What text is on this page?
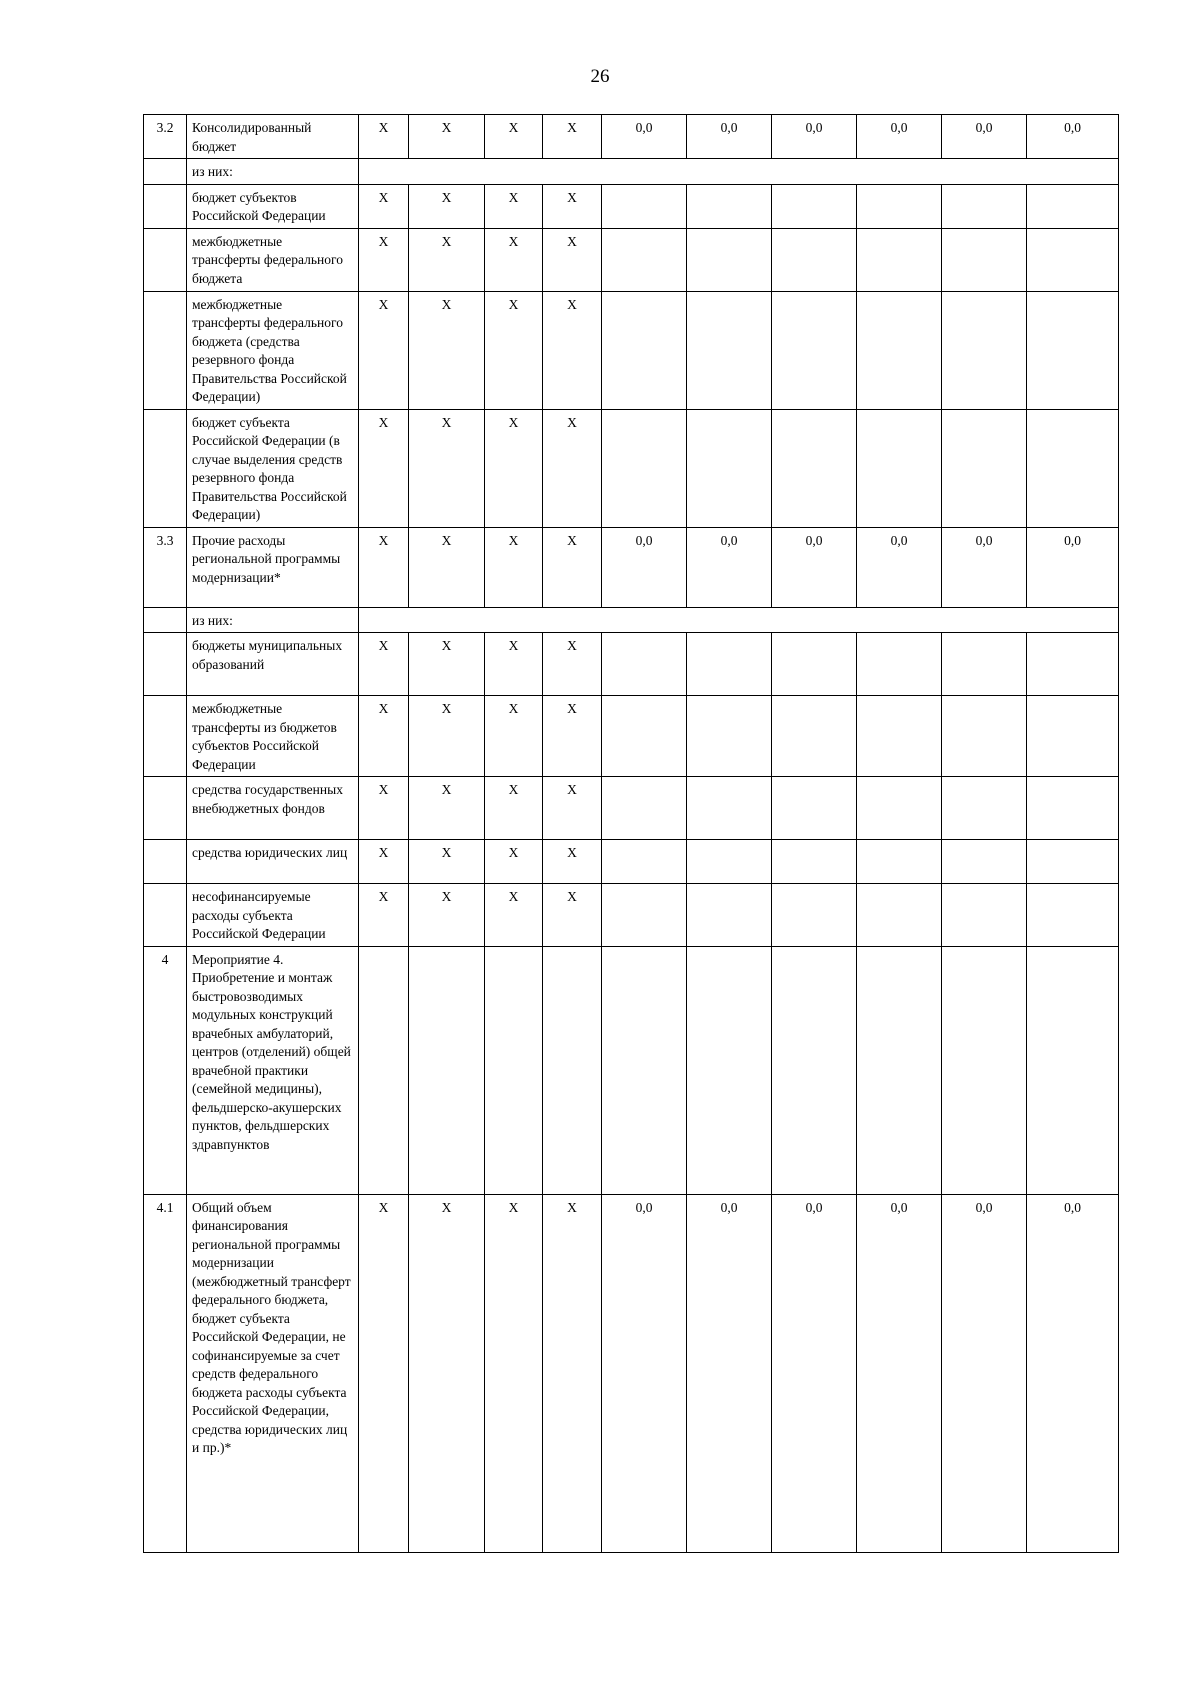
26
3.2	Консолидированный бюджет	Х	Х	Х	Х	0,0	0,0	0,0	0,0	0,0	0,0
	из них:										
	бюджет субъектов Российской Федерации	Х	Х	Х	Х						
	межбюджетные трансферты федерального бюджета	Х	Х	Х	Х						
	межбюджетные трансферты федерального бюджета (средства резервного фонда Правительства Российской Федерации)	Х	Х	Х	Х						
	бюджет субъекта Российской Федерации (в случае выделения средств резервного фонда Правительства Российской Федерации)	Х	Х	Х	Х						
3.3	Прочие расходы региональной программы модернизации*	Х	Х	Х	Х	0,0	0,0	0,0	0,0	0,0	0,0
	из них:										
	бюджеты муниципальных образований	Х	Х	Х	Х						
	межбюджетные трансферты из бюджетов субъектов Российской Федерации	Х	Х	Х	Х						
	средства государственных внебюджетных фондов	Х	Х	Х	Х						
	средства юридических лиц	Х	Х	Х	Х						
	несофинансируемые расходы субъекта Российской Федерации	Х	Х	Х	Х						
4	Мероприятие 4. Приобретение и монтаж быстровозводимых модульных конструкций врачебных амбулаторий, центров (отделений) общей врачебной практики (семейной медицины), фельдшерско-акушерских пунктов, фельдшерских здравпунктов										
4.1	Общий объем финансирования региональной программы модернизации (межбюджетный трансферт федерального бюджета, бюджет субъекта Российской Федерации, не софинансируемые за счет средств федерального бюджета расходы субъекта Российской Федерации, средства юридических лиц и пр.)*	Х	Х	Х	Х	0,0	0,0	0,0	0,0	0,0	0,0
